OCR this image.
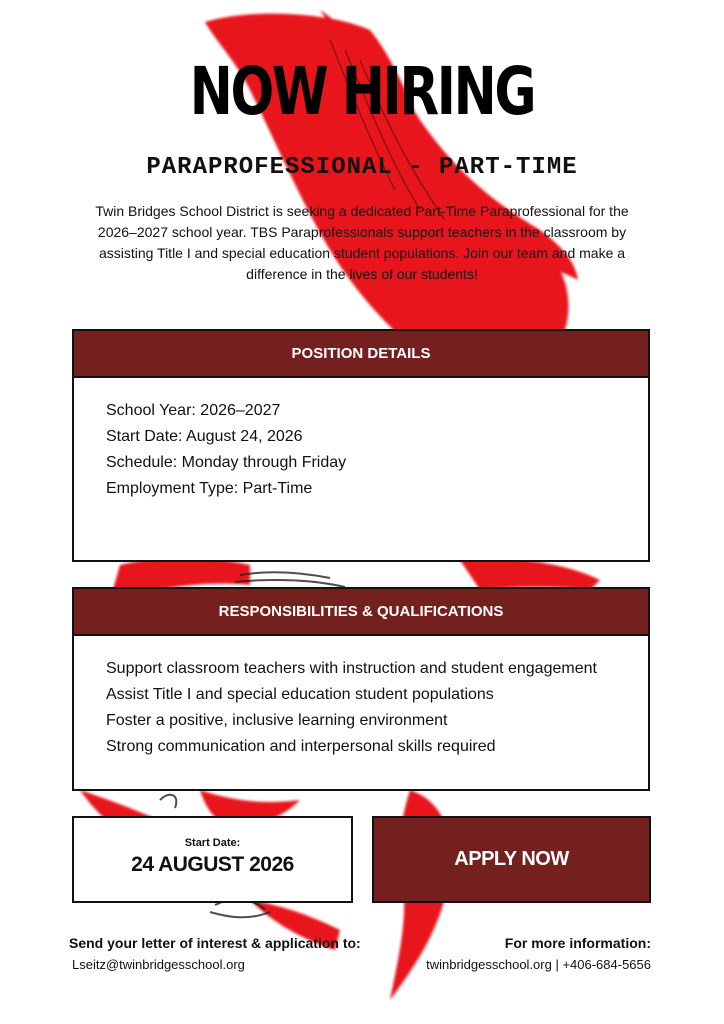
NOW HIRING
PARAPROFESSIONAL - PART-TIME
Twin Bridges School District is seeking a dedicated Part-Time Paraprofessional for the 2026–2027 school year. TBS Paraprofessionals support teachers in the classroom by assisting Title I and special education student populations. Join our team and make a difference in the lives of our students!
POSITION DETAILS
School Year: 2026–2027
Start Date: August 24, 2026
Schedule: Monday through Friday
Employment Type: Part-Time
RESPONSIBILITIES & QUALIFICATIONS
Support classroom teachers with instruction and student engagement
Assist Title I and special education student populations
Foster a positive, inclusive learning environment
Strong communication and interpersonal skills required
Start Date:
24 AUGUST 2026	APPLY NOW
Send your letter of interest & application to:
Lseitz@twinbridgesschool.org
For more information:
twinbridgesschool.org | +406-684-5656
